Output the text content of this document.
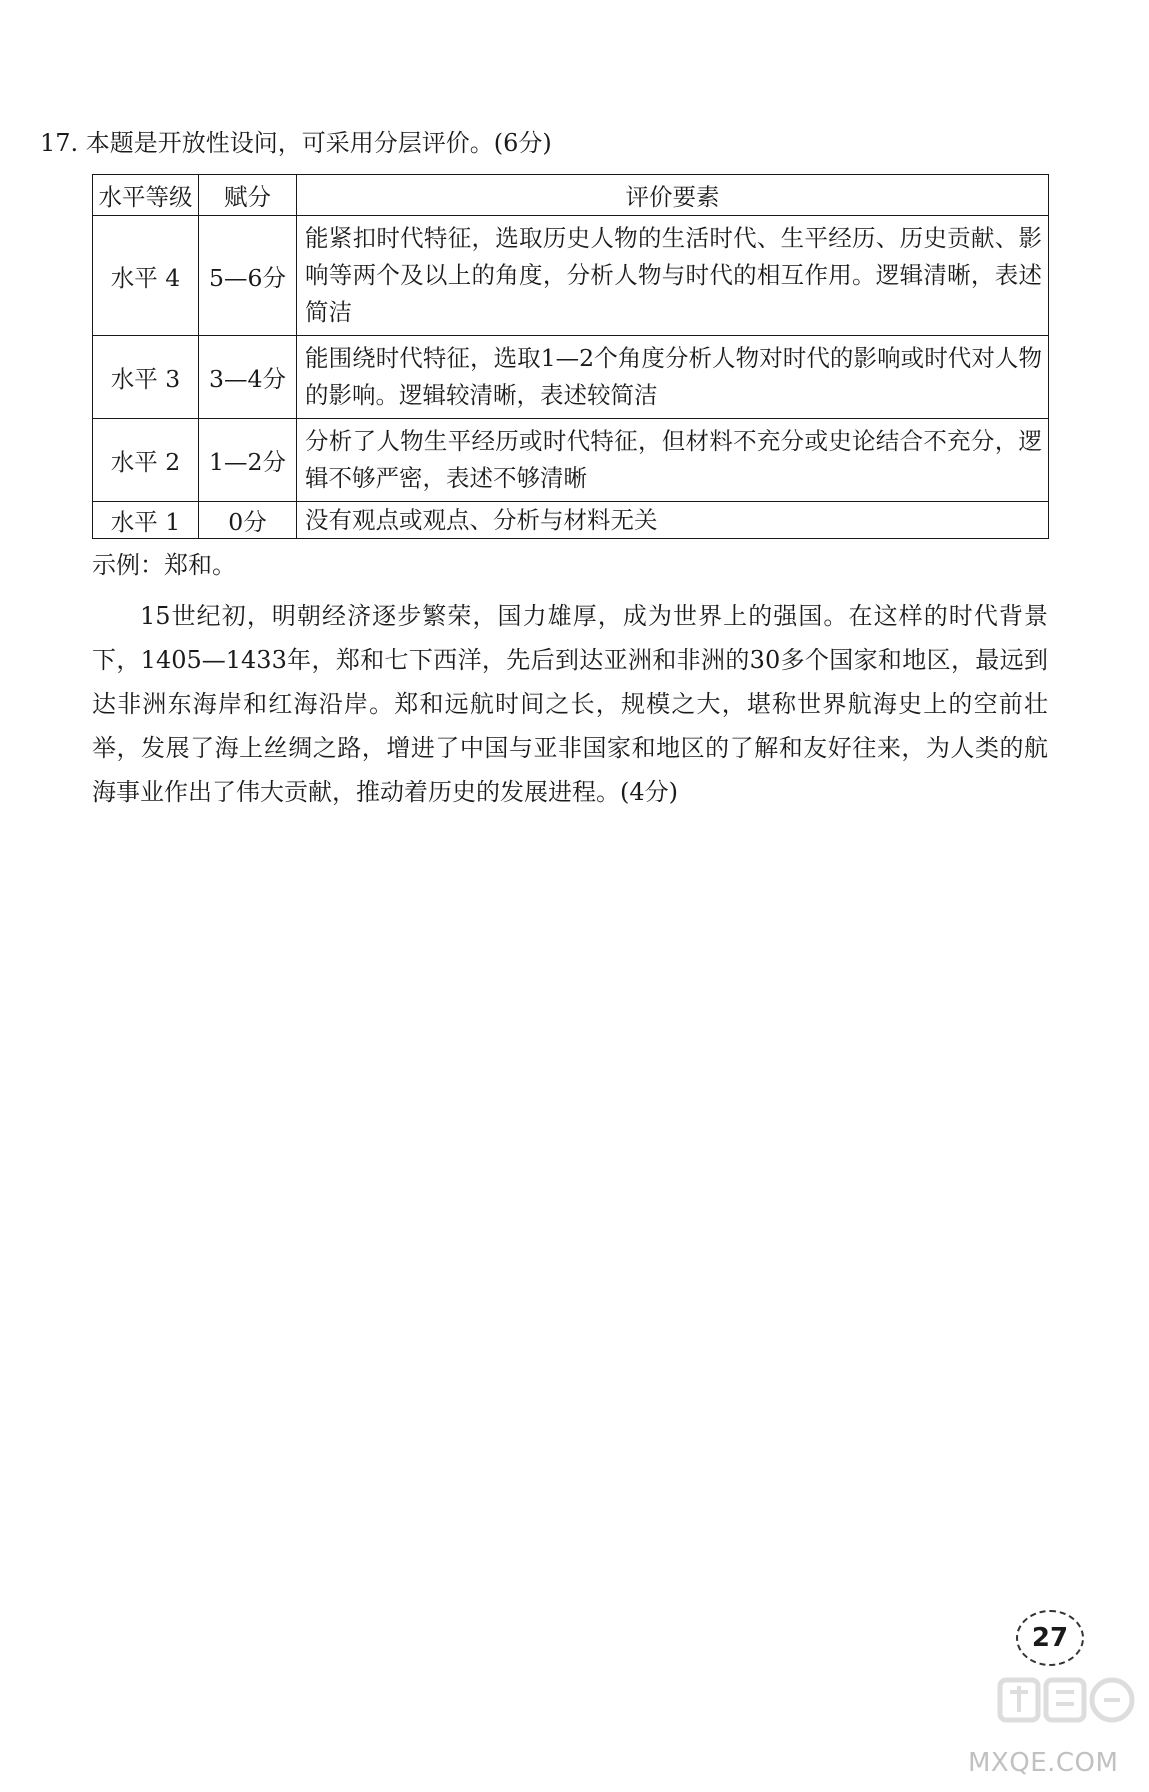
17. 本题是开放性设问，可采用分层评价。(6分)
水平等级	赋分	评价要素
水平 4	5—6分	能紧扣时代特征，选取历史人物的生活时代、生平经历、历史贡献、影响等两个及以上的角度，分析人物与时代的相互作用。逻辑清晰，表述简洁
水平 3	3—4分	能围绕时代特征，选取1—2个角度分析人物对时代的影响或时代对人物的影响。逻辑较清晰，表述较简洁
水平 2	1—2分	分析了人物生平经历或时代特征，但材料不充分或史论结合不充分，逻辑不够严密，表述不够清晰
水平 1	0分	没有观点或观点、分析与材料无关
示例：郑和。

15世纪初，明朝经济逐步繁荣，国力雄厚，成为世界上的强国。在这样的时代背景下，1405—1433年，郑和七下西洋，先后到达亚洲和非洲的30多个国家和地区，最远到达非洲东海岸和红海沿岸。郑和远航时间之长，规模之大，堪称世界航海史上的空前壮举，发展了海上丝绸之路，增进了中国与亚非国家和地区的了解和友好往来，为人类的航海事业作出了伟大贡献，推动着历史的发展进程。(4分)

27
MXQE.COM
